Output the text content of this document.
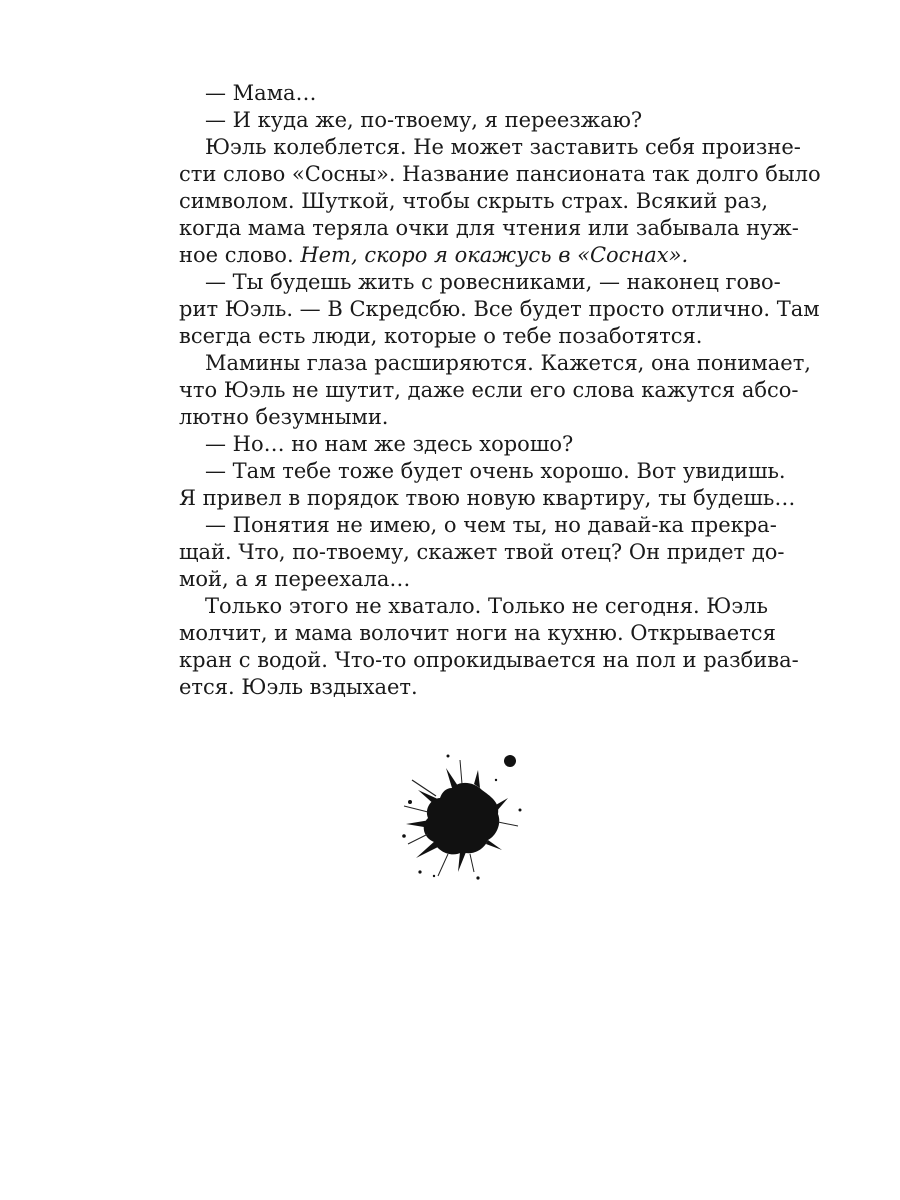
— Мама…
— И куда же, по-твоему, я переезжаю?
Юэль колеблется. Не может заставить себя произне-
сти слово «Сосны». Название пансионата так долго было
символом. Шуткой, чтобы скрыть страх. Всякий раз,
когда мама теряла очки для чтения или забывала нуж-
ное слово. Нет, скоро я окажусь в «Соснах».
— Ты будешь жить с ровесниками, — наконец гово-
рит Юэль. — В Скредсбю. Все будет просто отлично. Там
всегда есть люди, которые о тебе позаботятся.
Мамины глаза расширяются. Кажется, она понимает,
что Юэль не шутит, даже если его слова кажутся абсо-
лютно безумными.
— Но… но нам же здесь хорошо?
— Там тебе тоже будет очень хорошо. Вот увидишь.
Я привел в порядок твою новую квартиру, ты будешь…
— Понятия не имею, о чем ты, но давай-ка прекра-
щай. Что, по-твоему, скажет твой отец? Он придет до-
мой, а я переехала…
Только этого не хватало. Только не сегодня. Юэль
молчит, и мама волочит ноги на кухню. Открывается
кран с водой. Что-то опрокидывается на пол и разбива-
ется. Юэль вздыхает.
